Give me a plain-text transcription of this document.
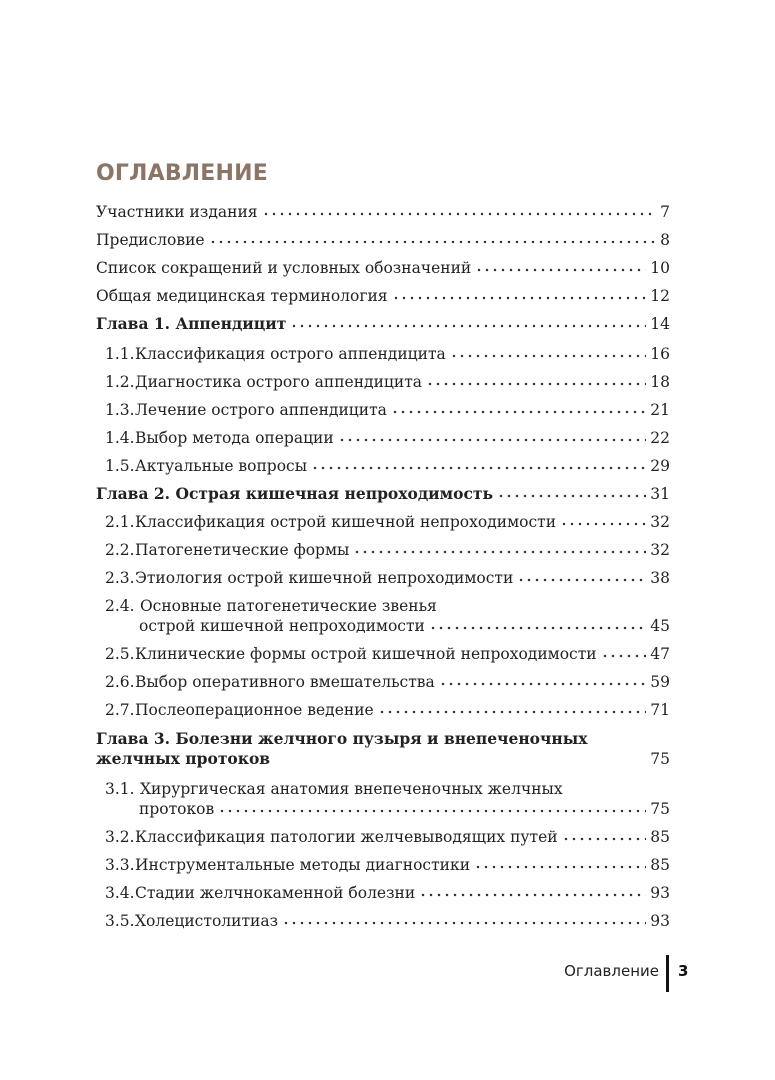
ОГЛАВЛЕНИЕ
Участники издания	7
Предисловие	8
Список сокращений и условных обозначений	10
Общая медицинская терминология	12
Глава 1. Аппендицит	14
1.1. Классификация острого аппендицита	16
1.2. Диагностика острого аппендицита	18
1.3. Лечение острого аппендицита	21
1.4. Выбор метода операции	22
1.5. Актуальные вопросы	29
Глава 2. Острая кишечная непроходимость	31
2.1. Классификация острой кишечной непроходимости	32
2.2. Патогенетические формы	32
2.3. Этиология острой кишечной непроходимости	38
2.4. Основные патогенетические звенья
острой кишечной непроходимости	45
2.5. Клинические формы острой кишечной непроходимости	47
2.6. Выбор оперативного вмешательства	59
2.7. Послеоперационное ведение	71
Глава 3. Болезни желчного пузыря и внепеченочных
желчных протоков	75
3.1. Хирургическая анатомия внепеченочных желчных
протоков	75
3.2. Классификация патологии желчевыводящих путей	85
3.3. Инструментальные методы диагностики	85
3.4. Стадии желчнокаменной болезни	93
3.5. Холецистолитиаз	93
Оглавление 3
